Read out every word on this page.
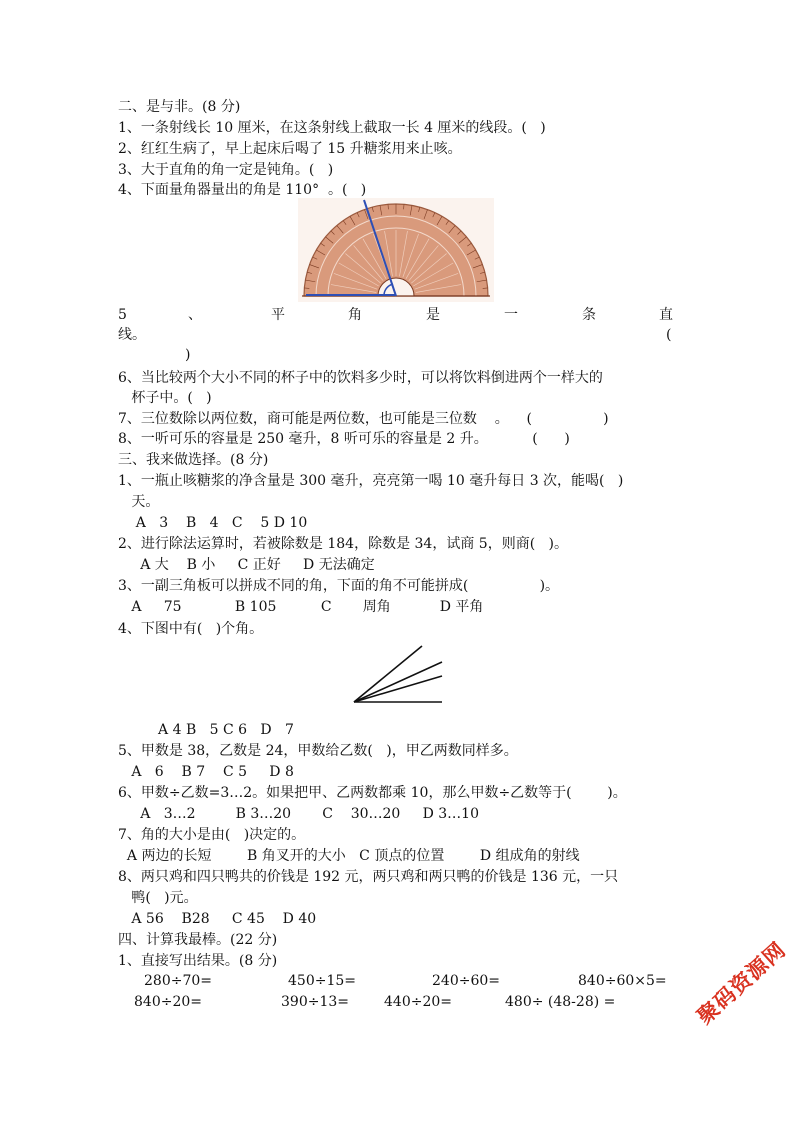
二、是与非。(8 分)
1、一条射线长 10 厘米，在这条射线上截取一长 4 厘米的线段。(   )
2、红红生病了，早上起床后喝了 15 升糖浆用来止咳。
3、大于直角的角一定是钝角。(   )
4、下面量角器量出的角是 110°  。(   )
5	、	平	角	是	一	条	直
线。	(
)
6、当比较两个大小不同的杯子中的饮料多少时，可以将饮料倒进两个一样大的
杯子中。(   )
7、三位数除以两位数，商可能是两位数，也可能是三位数    。    (                )
8、一听可乐的容量是 250 毫升，8 听可乐的容量是 2 升。          (      )
三、我来做选择。(8 分)
1、一瓶止咳糖浆的净含量是 300 毫升，亮亮第一喝 10 毫升每日 3 次，能喝(   )
天。
A   3    B   4   C    5 D 10
2、进行除法运算时，若被除数是 184，除数是 34，试商 5，则商(   )。
A 大    B 小     C 正好     D 无法确定
3、一副三角板可以拼成不同的角，下面的角不可能拼成(                )。
A     75            B 105          C       周角           D 平角
4、下图中有(   )个角。
A 4 B   5 C 6   D   7
5、甲数是 38，乙数是 24，甲数给乙数(   )，甲乙两数同样多。
A   6    B 7    C 5     D 8
6、甲数÷乙数=3…2。如果把甲、乙两数都乘 10，那么甲数÷乙数等于(        )。
A   3…2         B 3…20       C    30…20     D 3…10
7、角的大小是由(   )决定的。
A 两边的长短        B 角叉开的大小   C 顶点的位置        D 组成角的射线
8、两只鸡和四只鸭共的价钱是 192 元，两只鸡和两只鸭的价钱是 136 元，一只
鸭(   )元。
A 56    B28     C 45    D 40
四、计算我最棒。(22 分)
1、直接写出结果。(8 分)
280÷70=	450÷15=	240÷60=	840÷60×5=
840÷20=	390÷13=	440÷20=	480÷ (48-28) =	聚码资源网
